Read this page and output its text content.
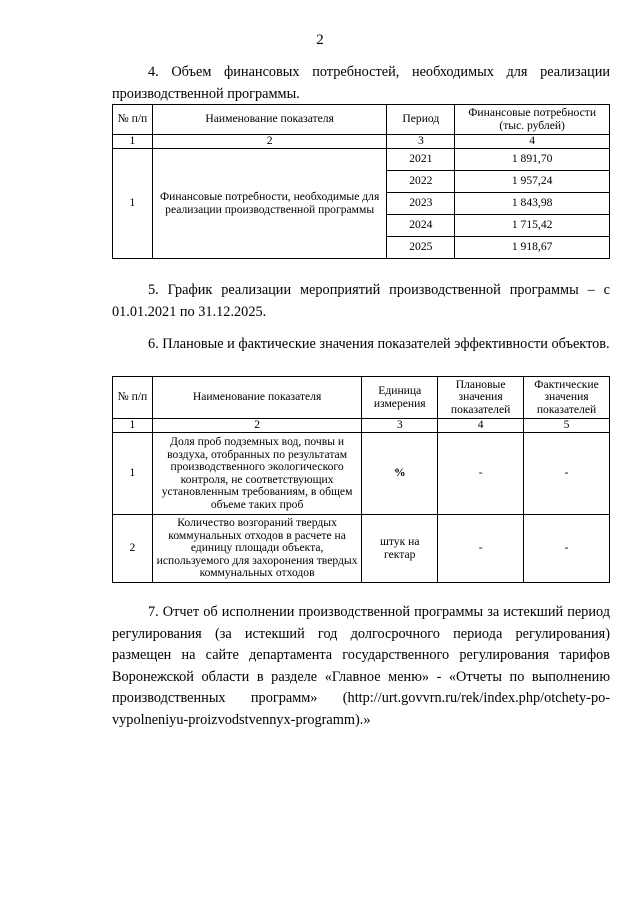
2
4. Объем финансовых потребностей, необходимых для реализации производственной программы.
№ п/п	Наименование показателя	Период	Финансовые потребности (тыс. рублей)
1	2	3	4
1	Финансовые потребности, необходимые для реализации производственной программы	2021	1 891,70
		2022	1 957,24
		2023	1 843,98
		2024	1 715,42
		2025	1 918,67
5. График реализации мероприятий производственной программы – с 01.01.2021 по 31.12.2025.
6. Плановые и фактические значения показателей эффективности объектов.
№ п/п	Наименование показателя	Единица измерения	Плановые значения показателей	Фактические значения показателей
1	2	3	4	5
1	Доля проб подземных вод, почвы и воздуха, отобранных по результатам производственного экологического контроля, не соответствующих установленным требованиям, в общем объеме таких проб	%	-	-
2	Количество возгораний твердых коммунальных отходов в расчете на единицу площади объекта, используемого для захоронения твердых коммунальных отходов	штук на гектар	-	-
7. Отчет об исполнении производственной программы за истекший период регулирования (за истекший год долгосрочного периода регулирования) размещен на сайте департамента государственного регулирования тарифов Воронежской области в разделе «Главное меню» - «Отчеты по выполнению производственных программ» (http://urt.govvrn.ru/rek/index.php/otchety-po-vypolneniyu-proizvodstvennyx-programm).»
